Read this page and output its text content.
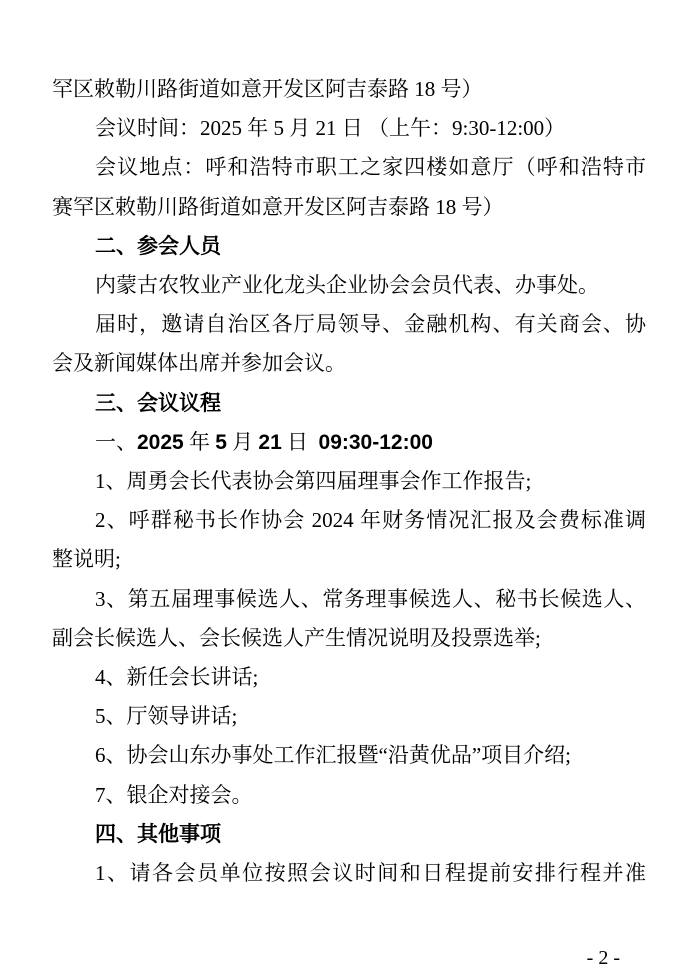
罕区敕勒川路街道如意开发区阿吉泰路 18 号）
会议时间：2025 年 5 月 21 日 （上午：9:30-12:00）
会议地点：呼和浩特市职工之家四楼如意厅（呼和浩特市
赛罕区敕勒川路街道如意开发区阿吉泰路 18 号）
二、参会人员
内蒙古农牧业产业化龙头企业协会会员代表、办事处。
届时，邀请自治区各厅局领导、金融机构、有关商会、协
会及新闻媒体出席并参加会议。
三、会议议程
一、2025 年 5 月 21 日  09:30-12:00
1、周勇会长代表协会第四届理事会作工作报告;
2、呼群秘书长作协会 2024 年财务情况汇报及会费标准调
整说明;
3、第五届理事候选人、常务理事候选人、秘书长候选人、
副会长候选人、会长候选人产生情况说明及投票选举;
4、新任会长讲话;
5、厅领导讲话;
6、协会山东办事处工作汇报暨“沿黄优品”项目介绍;
7、银企对接会。
四、其他事项
1、请各会员单位按照会议时间和日程提前安排行程并准
- 2 -
